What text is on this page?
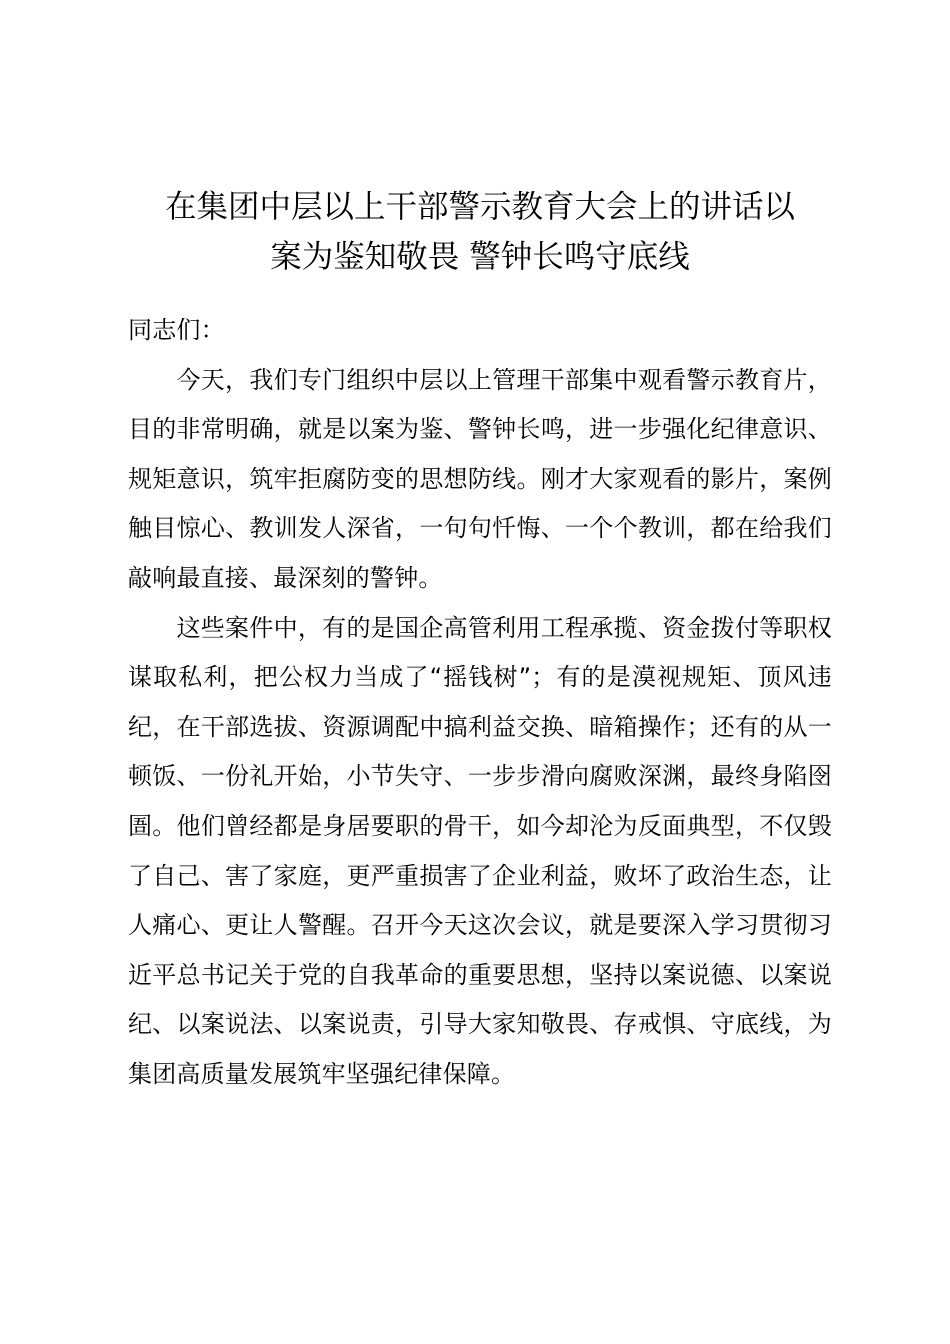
在集团中层以上干部警示教育大会上的讲话以
案为鉴知敬畏 警钟长鸣守底线

同志们：

今天，我们专门组织中层以上管理干部集中观看警示教育片，目的非常明确，就是以案为鉴、警钟长鸣，进一步强化纪律意识、规矩意识，筑牢拒腐防变的思想防线。刚才大家观看的影片，案例触目惊心、教训发人深省，一句句忏悔、一个个教训，都在给我们敲响最直接、最深刻的警钟。

这些案件中，有的是国企高管利用工程承揽、资金拨付等职权谋取私利，把公权力当成了“摇钱树”；有的是漠视规矩、顶风违纪，在干部选拔、资源调配中搞利益交换、暗箱操作；还有的从一顿饭、一份礼开始，小节失守、一步步滑向腐败深渊，最终身陷囹圄。他们曾经都是身居要职的骨干，如今却沦为反面典型，不仅毁了自己、害了家庭，更严重损害了企业利益，败坏了政治生态，让人痛心、更让人警醒。召开今天这次会议，就是要深入学习贯彻习近平总书记关于党的自我革命的重要思想，坚持以案说德、以案说纪、以案说法、以案说责，引导大家知敬畏、存戒惧、守底线，为集团高质量发展筑牢坚强纪律保障。
